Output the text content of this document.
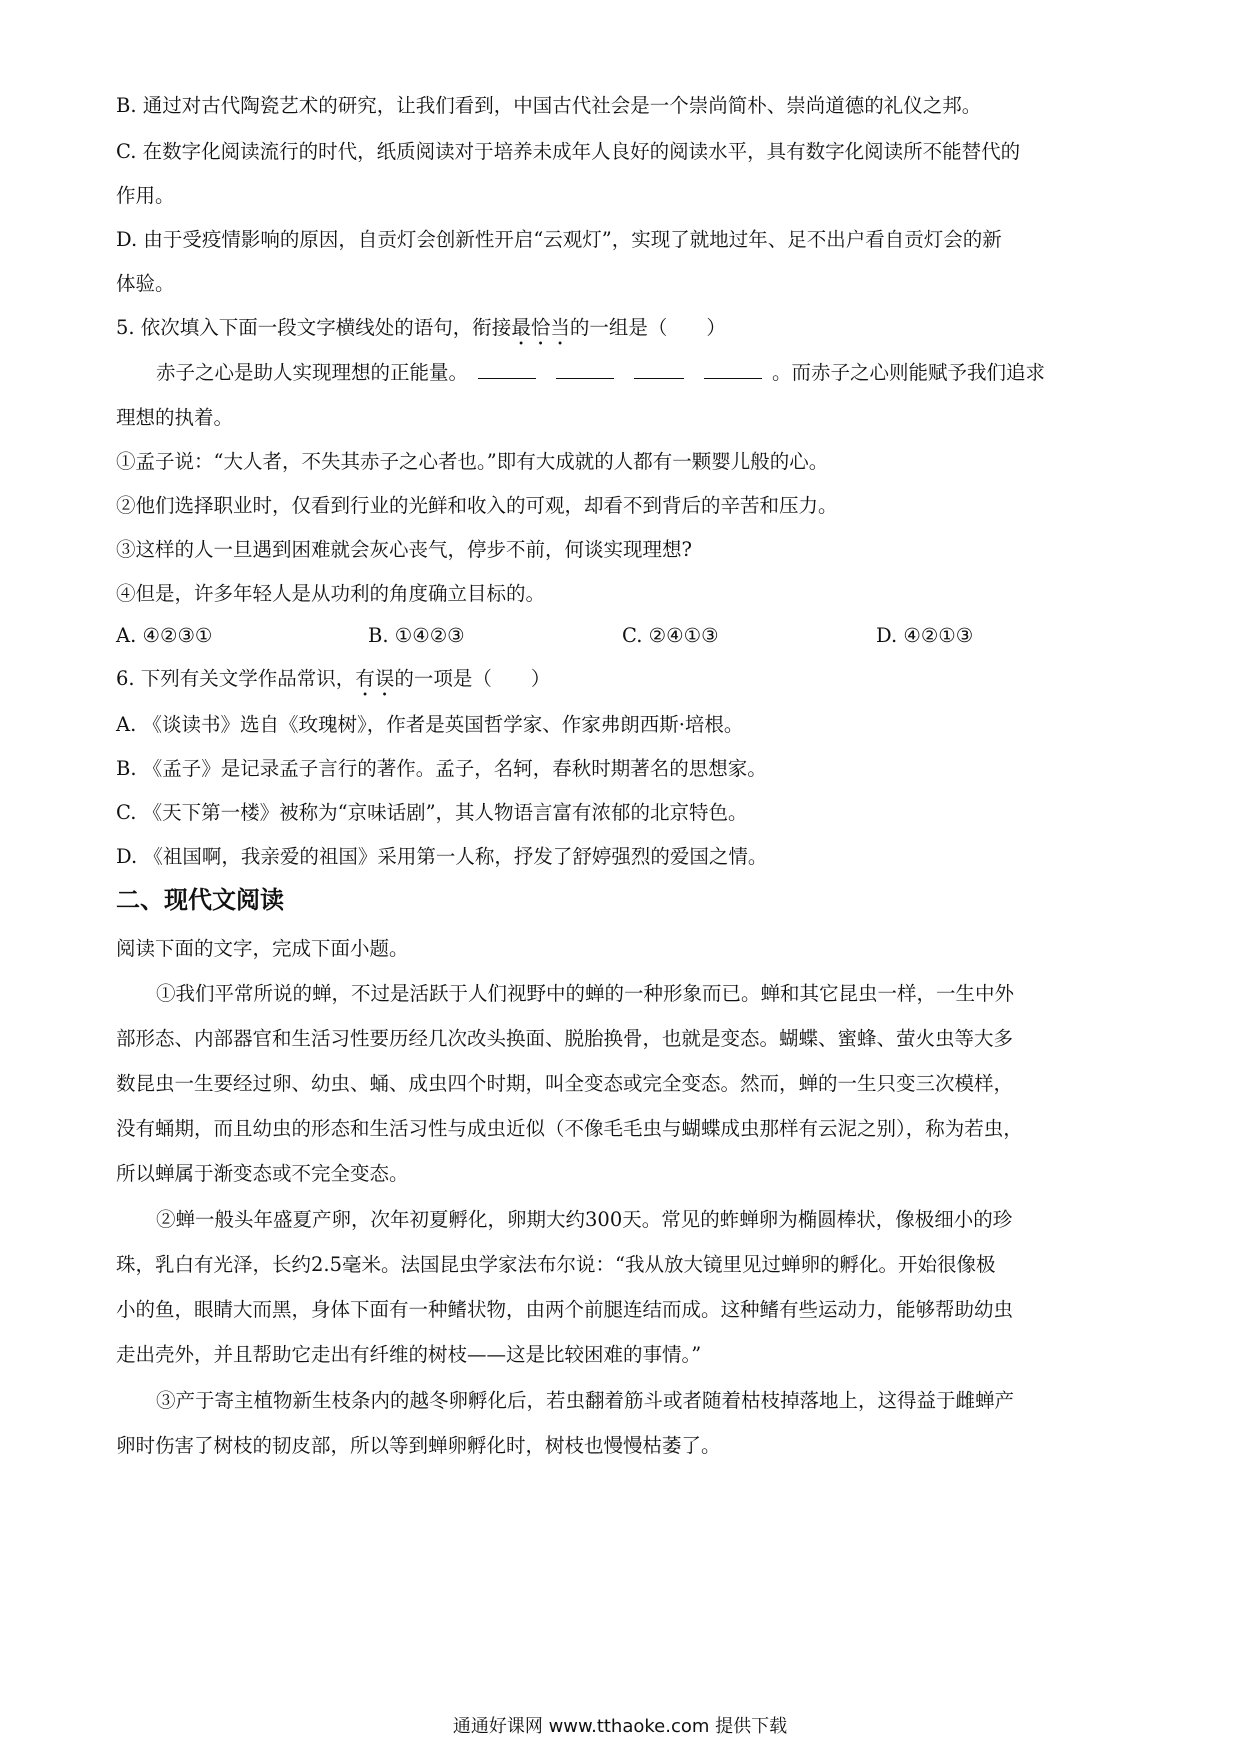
B. 通过对古代陶瓷艺术的研究，让我们看到，中国古代社会是一个崇尚简朴、崇尚道德的礼仪之邦。
C. 在数字化阅读流行的时代，纸质阅读对于培养未成年人良好的阅读水平，具有数字化阅读所不能替代的
作用。
D. 由于受疫情影响的原因，自贡灯会创新性开启“云观灯”，实现了就地过年、足不出户看自贡灯会的新
体验。
5. 依次填入下面一段文字横线处的语句，衔接最恰当的一组是（　　）
赤子之心是助人实现理想的正能量。	。而赤子之心则能赋予我们追求
理想的执着。
①孟子说：“大人者，不失其赤子之心者也。”即有大成就的人都有一颗婴儿般的心。
②他们选择职业时，仅看到行业的光鲜和收入的可观，却看不到背后的辛苦和压力。
③这样的人一旦遇到困难就会灰心丧气，停步不前，何谈实现理想?
④但是，许多年轻人是从功利的角度确立目标的。
A. ④②③①	B. ①④②③	C. ②④①③	D. ④②①③
6. 下列有关文学作品常识，有误的一项是（　　）
A. 《谈读书》选自《玫瑰树》，作者是英国哲学家、作家弗朗西斯·培根。
B. 《孟子》是记录孟子言行的著作。孟子，名轲，春秋时期著名的思想家。
C. 《天下第一楼》被称为“京味话剧”，其人物语言富有浓郁的北京特色。
D. 《祖国啊，我亲爱的祖国》采用第一人称，抒发了舒婷强烈的爱国之情。
二、现代文阅读
阅读下面的文字，完成下面小题。
①我们平常所说的蝉，不过是活跃于人们视野中的蝉的一种形象而已。蝉和其它昆虫一样，一生中外
部形态、内部器官和生活习性要历经几次改头换面、脱胎换骨，也就是变态。蝴蝶、蜜蜂、萤火虫等大多
数昆虫一生要经过卵、幼虫、蛹、成虫四个时期，叫全变态或完全变态。然而，蝉的一生只变三次模样，
没有蛹期，而且幼虫的形态和生活习性与成虫近似（不像毛毛虫与蝴蝶成虫那样有云泥之别），称为若虫，
所以蝉属于渐变态或不完全变态。
②蝉一般头年盛夏产卵，次年初夏孵化，卵期大约300天。常见的蚱蝉卵为椭圆棒状，像极细小的珍
珠，乳白有光泽，长约2.5毫米。法国昆虫学家法布尔说：“我从放大镜里见过蝉卵的孵化。开始很像极
小的鱼，眼睛大而黑，身体下面有一种鳍状物，由两个前腿连结而成。这种鳍有些运动力，能够帮助幼虫
走出壳外，并且帮助它走出有纤维的树枝——这是比较困难的事情。”
③产于寄主植物新生枝条内的越冬卵孵化后，若虫翻着筋斗或者随着枯枝掉落地上，这得益于雌蝉产
卵时伤害了树枝的韧皮部，所以等到蝉卵孵化时，树枝也慢慢枯萎了。
通通好课网 www.tthaoke.com 提供下载
